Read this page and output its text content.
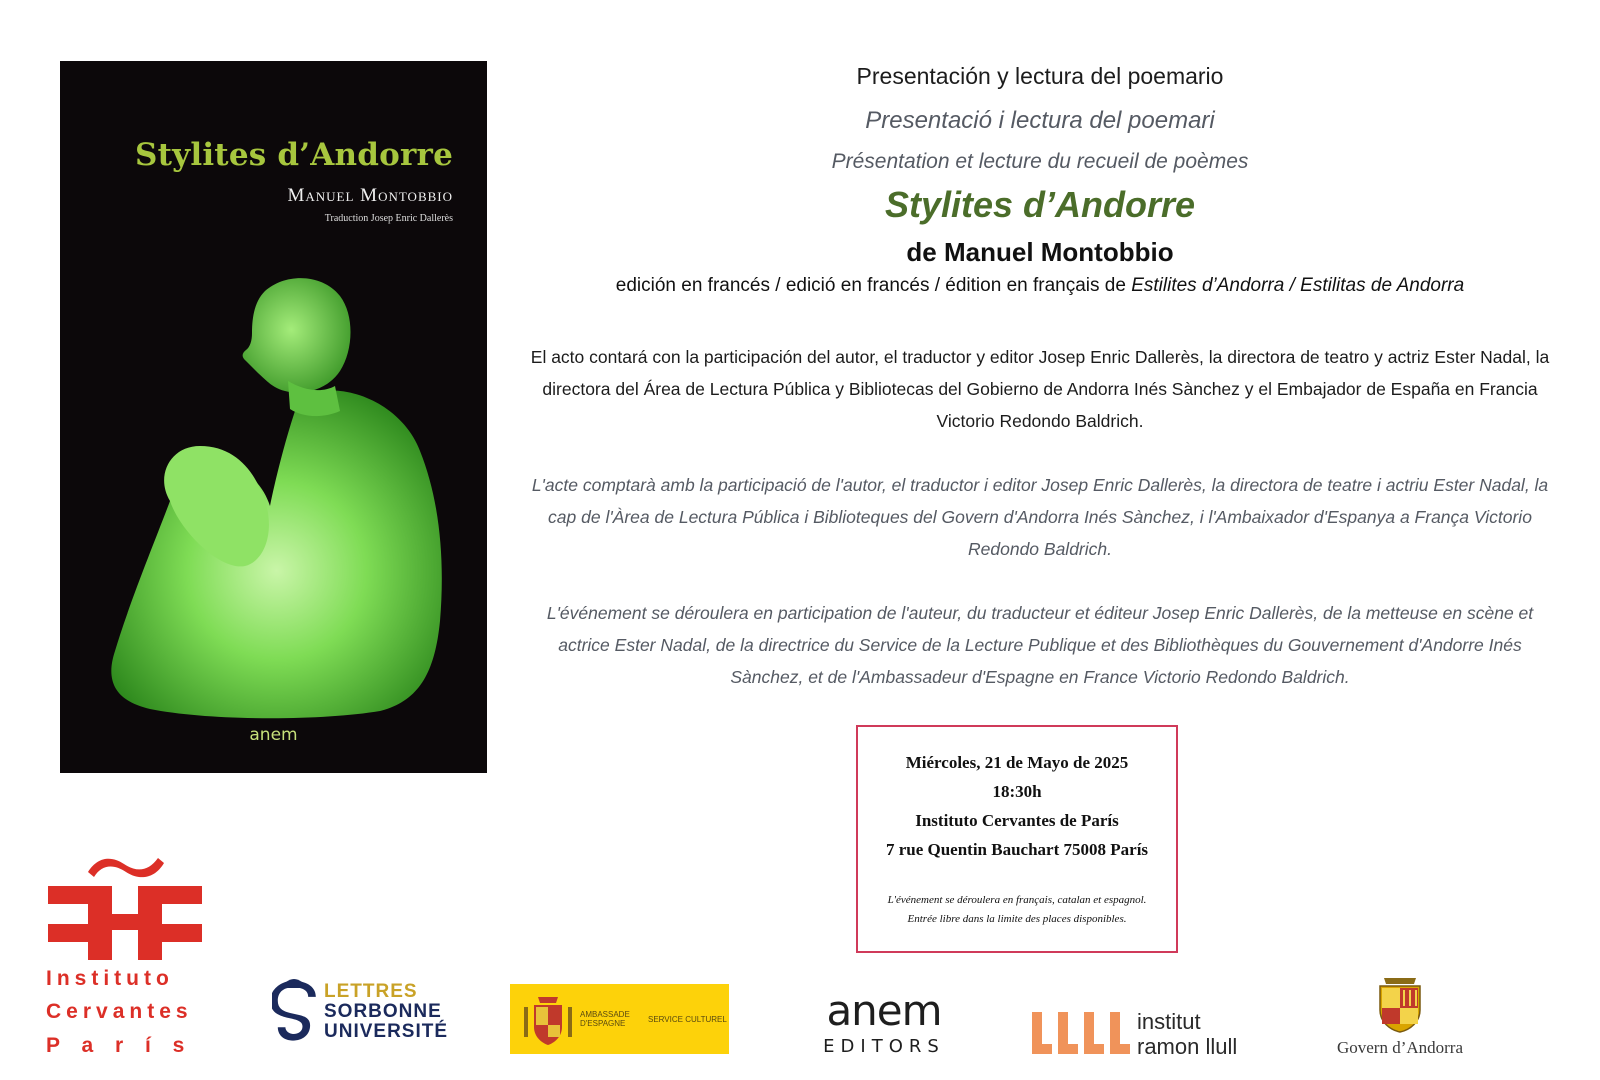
Stylites d’Andorre

Manuel Montobbio

Traduction Josep Enric Dallerès

anem

Presentación y lectura del poemario

Presentació i lectura del poemari

Présentation et lecture du recueil de poèmes

Stylites d’Andorre

de Manuel Montobbio

edición en francés / edició en francés / édition en français de Estilites d’Andorra / Estilitas de Andorra

El acto contará con la participación del autor, el traductor y editor Josep Enric Dallerès, la directora de teatro y actriz Ester Nadal, la directora del Área de Lectura Pública y Bibliotecas del Gobierno de Andorra Inés Sànchez y el Embajador de España en Francia Victorio Redondo Baldrich.

L'acte comptarà amb la participació de l'autor, el traductor i editor Josep Enric Dallerès, la directora de teatre i actriu Ester Nadal, la cap de l'Àrea de Lectura Pública i Biblioteques del Govern d'Andorra Inés Sànchez, i l'Ambaixador d'Espanya a França Victorio Redondo Baldrich.

L'événement se déroulera en participation de l'auteur, du traducteur et éditeur Josep Enric Dallerès, de la metteuse en scène et actrice Ester Nadal, de la directrice du Service de la Lecture Publique et des Bibliothèques du Gouvernement d'Andorre Inés Sànchez, et de l'Ambassadeur d'Espagne en France Victorio Redondo Baldrich.

Miércoles, 21 de Mayo de 2025
18:30h
Instituto Cervantes de París
7 rue Quentin Bauchart 75008 París
L'événement se déroulera en français, catalan et espagnol.
Entrée libre dans la limite des places disponibles.
Instituto
Cervantes
P a r í s
LETTRES
SORBONNE
UNIVERSITÉ
AMBASSADE
D'ESPAGNE	SERVICE CULTUREL anem
EDITORS
institut
ramon llull	Govern d’Andorra
